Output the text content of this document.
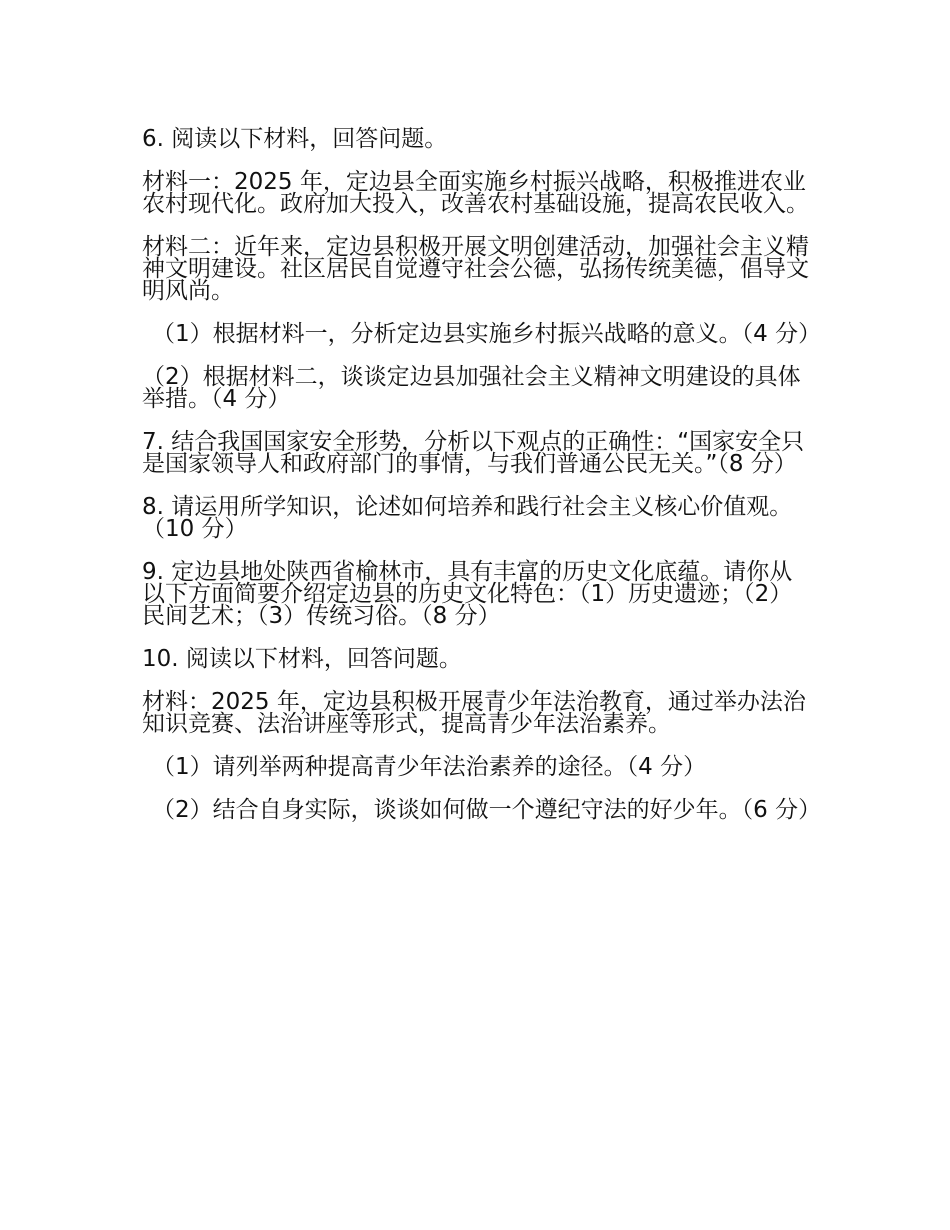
6. 阅读以下材料，回答问题。

材料一：2025 年，定边县全面实施乡村振兴战略，积极推进农业农村现代化。政府加大投入，改善农村基础设施，提高农民收入。

材料二：近年来，定边县积极开展文明创建活动，加强社会主义精神文明建设。社区居民自觉遵守社会公德，弘扬传统美德，倡导文明风尚。

（1）根据材料一，分析定边县实施乡村振兴战略的意义。（4 分）

（2）根据材料二，谈谈定边县加强社会主义精神文明建设的具体举措。（4 分）

7. 结合我国国家安全形势，分析以下观点的正确性：“国家安全只是国家领导人和政府部门的事情，与我们普通公民无关。”（8 分）

8. 请运用所学知识，论述如何培养和践行社会主义核心价值观。（10 分）

9. 定边县地处陕西省榆林市，具有丰富的历史文化底蕴。请你从以下方面简要介绍定边县的历史文化特色：（1）历史遗迹；（2）民间艺术；（3）传统习俗。（8 分）

10. 阅读以下材料，回答问题。

材料：2025 年，定边县积极开展青少年法治教育，通过举办法治知识竞赛、法治讲座等形式，提高青少年法治素养。

（1）请列举两种提高青少年法治素养的途径。（4 分）

（2）结合自身实际，谈谈如何做一个遵纪守法的好少年。（6 分）
